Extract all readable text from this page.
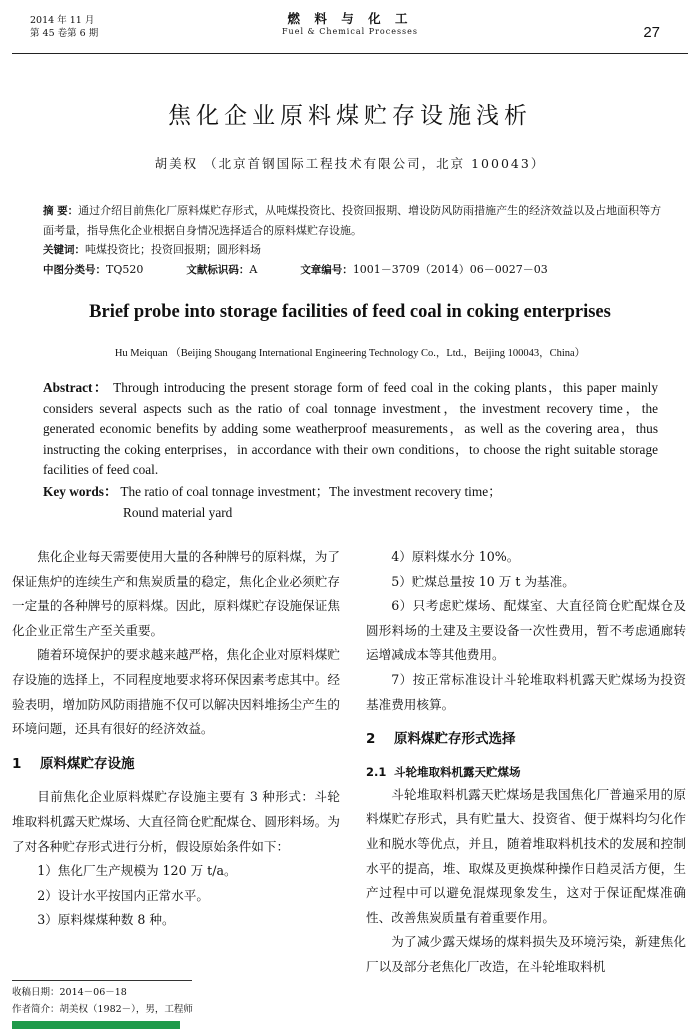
2014 年 11 月
第 45 卷第 6 期
燃 料 与 化 工
Fuel & Chemical Processes	27
焦化企业原料煤贮存设施浅析
胡美权 （北京首钢国际工程技术有限公司，北京 100043）
摘 要：通过介绍目前焦化厂原料煤贮存形式，从吨煤投资比、投资回报期、增设防风防雨措施产生的经济效益以及占地面积等方面考量，指导焦化企业根据自身情况选择适合的原料煤贮存设施。
关键词：吨煤投资比；投资回报期；圆形料场
中图分类号：TQ520	文献标识码：A	文章编号：1001－3709（2014）06－0027－03
Brief probe into storage facilities of feed coal in coking enterprises
Hu Meiquan （Beijing Shougang International Engineering Technology Co.，Ltd.，Beijing 100043，China）
Abstract： Through introducing the present storage form of feed coal in the coking plants，this paper mainly considers several aspects such as the ratio of coal tonnage investment，the investment recovery time，the generated economic benefits by adding some weatherproof measurements，as well as the covering area，thus instructing the coking enterprises，in accordance with their own conditions，to choose the right suitable storage facilities of feed coal.
Key words： The ratio of coal tonnage investment；The investment recovery time；
Round material yard

焦化企业每天需要使用大量的各种牌号的原料煤，为了保证焦炉的连续生产和焦炭质量的稳定，焦化企业必须贮存一定量的各种牌号的原料煤。因此，原料煤贮存设施保证焦化企业正常生产至关重要。

随着环境保护的要求越来越严格，焦化企业对原料煤贮存设施的选择上，不同程度地要求将环保因素考虑其中。经验表明，增加防风防雨措施不仅可以解决因料堆扬尘产生的环境问题，还具有很好的经济效益。

1 原料煤贮存设施

目前焦化企业原料煤贮存设施主要有 3 种形式：斗轮堆取料机露天贮煤场、大直径筒仓贮配煤仓、圆形料场。为了对各种贮存形式进行分析，假设原始条件如下：

1）焦化厂生产规模为 120 万 t/a。
2）设计水平按国内正常水平。
3）原料煤煤种数 8 种。
4）原料煤水分 10%。
5）贮煤总量按 10 万 t 为基准。

6）只考虑贮煤场、配煤室、大直径筒仓贮配煤仓及圆形料场的土建及主要设备一次性费用，暂不考虑通廊转运增减成本等其他费用。

7）按正常标准设计斗轮堆取料机露天贮煤场为投资基准费用核算。

2 原料煤贮存形式选择
2.1 斗轮堆取料机露天贮煤场

斗轮堆取料机露天贮煤场是我国焦化厂普遍采用的原料煤贮存形式，具有贮量大、投资省、便于煤料均匀化作业和脱水等优点，并且，随着堆取料机技术的发展和控制水平的提高，堆、取煤及更换煤种操作日趋灵活方便，生产过程中可以避免混煤现象发生，这对于保证配煤准确性、改善焦炭质量有着重要作用。

为了减少露天煤场的煤料损失及环境污染，新建焦化厂以及部分老焦化厂改造，在斗轮堆取料机

收稿日期：2014－06－18
作者简介：胡美权（1982－），男，工程师
